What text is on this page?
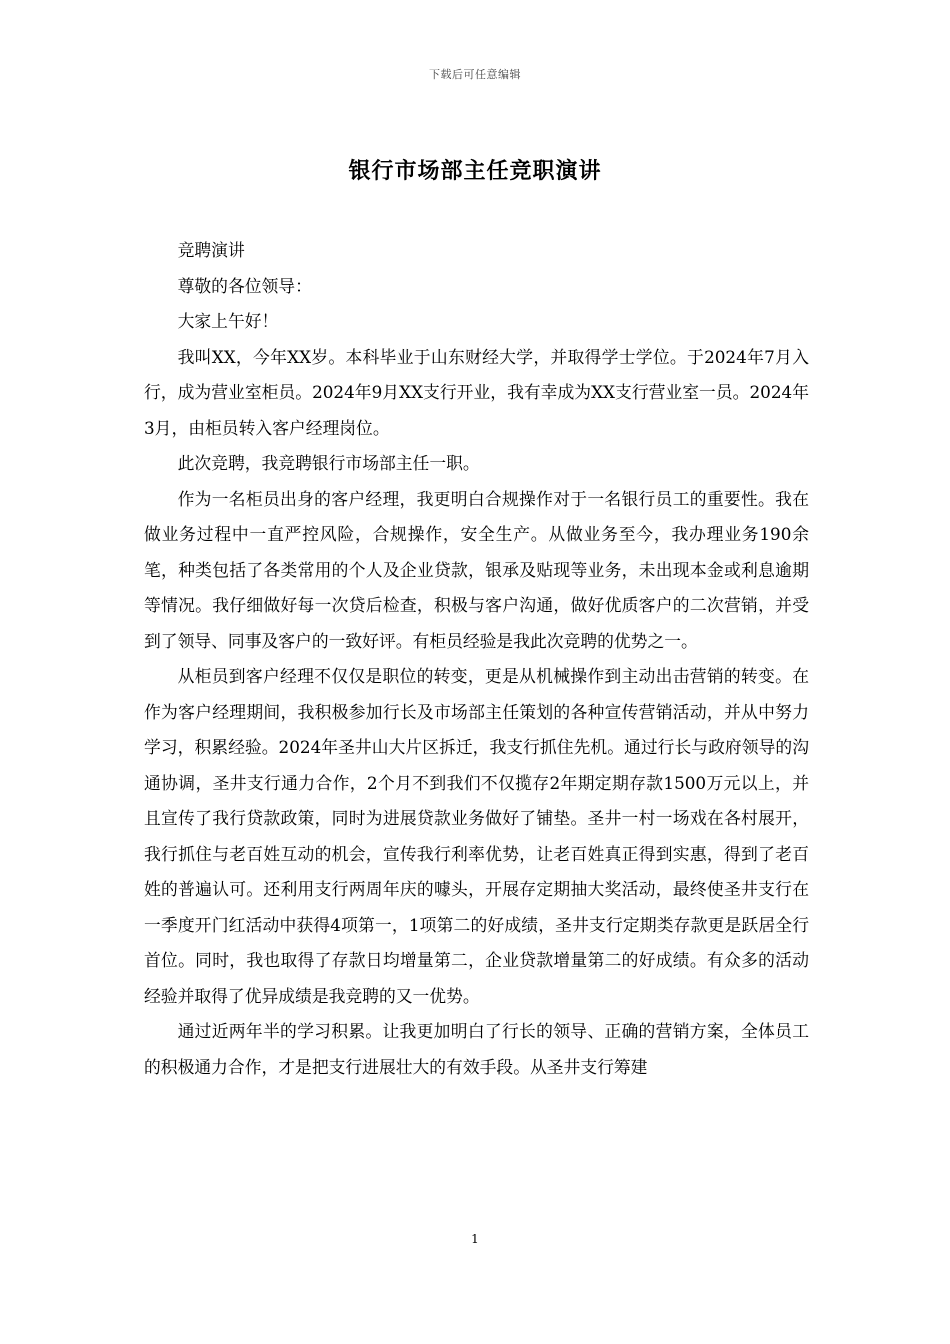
下载后可任意编辑
银行市场部主任竞职演讲

竞聘演讲

尊敬的各位领导：

大家上午好！

我叫XX，今年XX岁。本科毕业于山东财经大学，并取得学士学位。于2024年7月入行，成为营业室柜员。2024年9月XX支行开业，我有幸成为XX支行营业室一员。2024年3月，由柜员转入客户经理岗位。

此次竞聘，我竞聘银行市场部主任一职。

作为一名柜员出身的客户经理，我更明白合规操作对于一名银行员工的重要性。我在做业务过程中一直严控风险，合规操作，安全生产。从做业务至今，我办理业务190余笔，种类包括了各类常用的个人及企业贷款，银承及贴现等业务，未出现本金或利息逾期等情况。我仔细做好每一次贷后检查，积极与客户沟通，做好优质客户的二次营销，并受到了领导、同事及客户的一致好评。有柜员经验是我此次竞聘的优势之一。

从柜员到客户经理不仅仅是职位的转变，更是从机械操作到主动出击营销的转变。在作为客户经理期间，我积极参加行长及市场部主任策划的各种宣传营销活动，并从中努力学习，积累经验。2024年圣井山大片区拆迁，我支行抓住先机。通过行长与政府领导的沟通协调，圣井支行通力合作，2个月不到我们不仅揽存2年期定期存款1500万元以上，并且宣传了我行贷款政策，同时为进展贷款业务做好了铺垫。圣井一村一场戏在各村展开，我行抓住与老百姓互动的机会，宣传我行利率优势，让老百姓真正得到实惠，得到了老百姓的普遍认可。还利用支行两周年庆的噱头，开展存定期抽大奖活动，最终使圣井支行在一季度开门红活动中获得4项第一，1项第二的好成绩，圣井支行定期类存款更是跃居全行首位。同时，我也取得了存款日均增量第二，企业贷款增量第二的好成绩。有众多的活动经验并取得了优异成绩是我竞聘的又一优势。

通过近两年半的学习积累。让我更加明白了行长的领导、正确的营销方案，全体员工的积极通力合作，才是把支行进展壮大的有效手段。从圣井支行筹建

1
